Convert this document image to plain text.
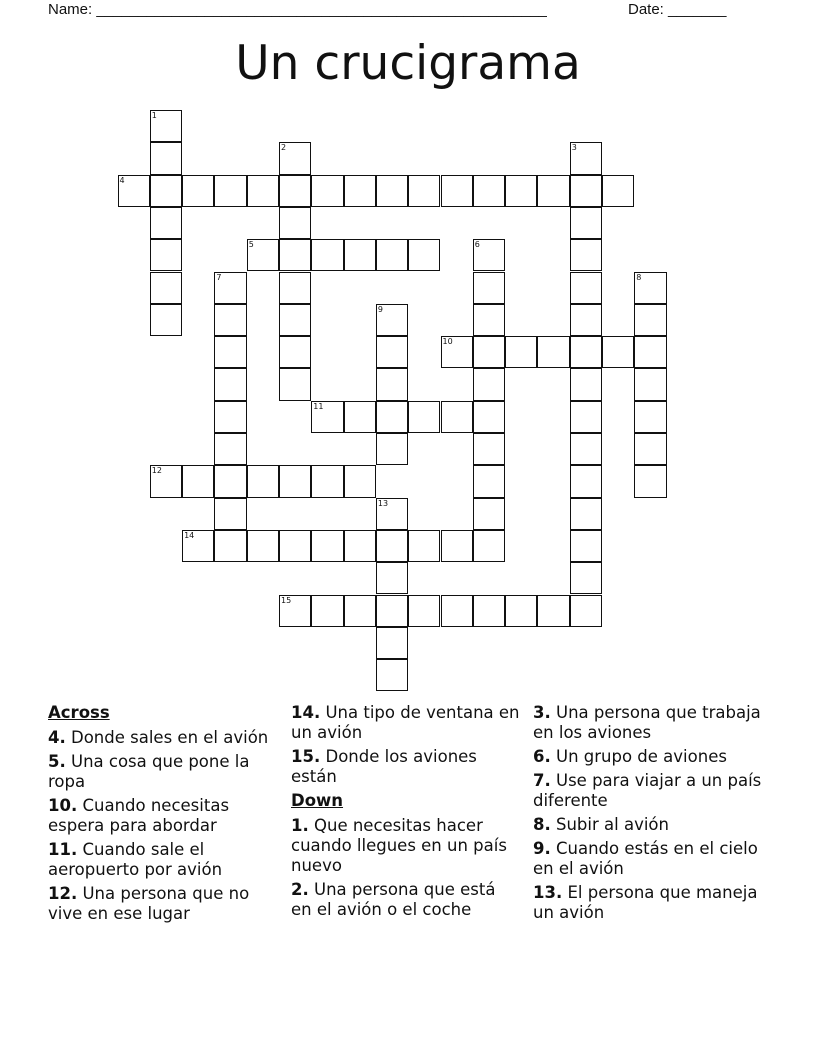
Name: ______________________________________________________	Date: _______
Un crucigrama
4
5
10
11
12
14
15
1
2	3
6
7	8
9
13
Across
4. Donde sales en el avión
5. Una cosa que pone la ropa
10. Cuando necesitas espera para abordar
11. Cuando sale el aeropuerto por avión
12. Una persona que no vive en ese lugar
14. Una tipo de ventana en un avión
15. Donde los aviones están
Down
1. Que necesitas hacer cuando llegues en un país nuevo
2. Una persona que está en el avión o el coche
3. Una persona que trabaja en los aviones
6. Un grupo de aviones
7. Use para viajar a un país diferente
8. Subir al avión
9. Cuando estás en el cielo en el avión
13. El persona que maneja un avión
